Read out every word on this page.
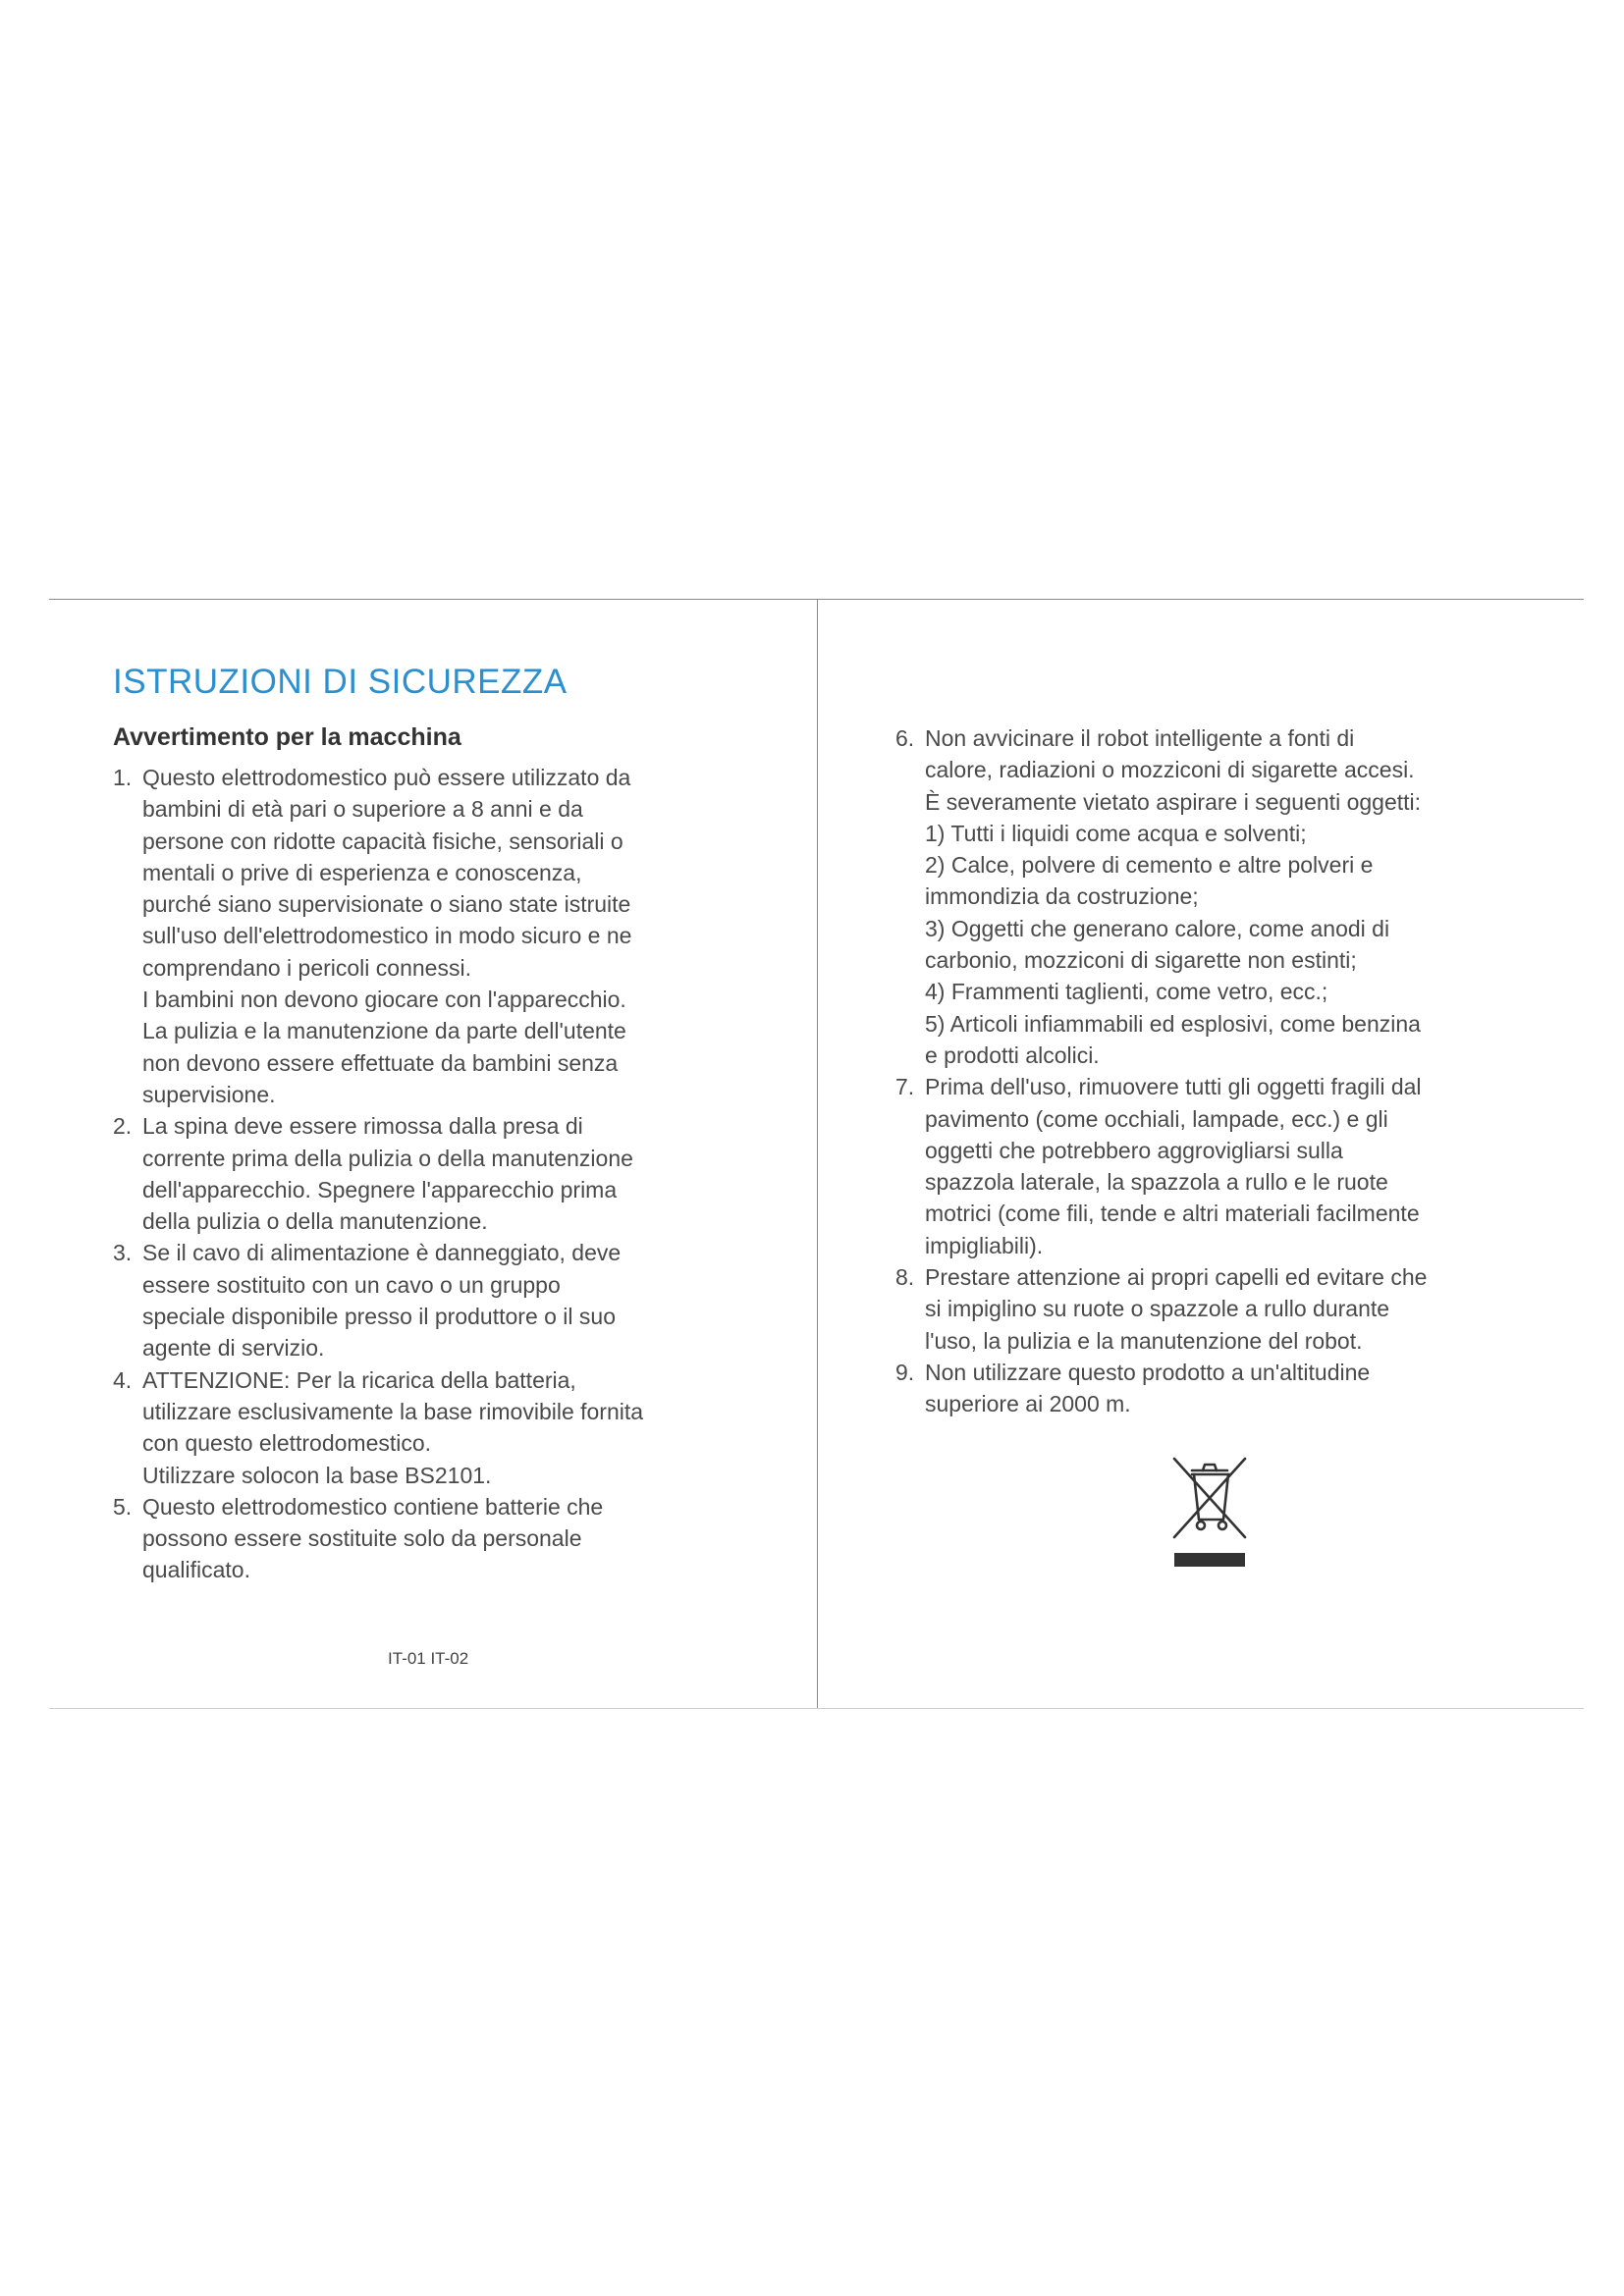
ISTRUZIONI DI SICUREZZA
Avvertimento per la macchina
1. Questo elettrodomestico può essere utilizzato da
bambini di età pari o superiore a 8 anni e da
persone con ridotte capacità fisiche, sensoriali o
mentali o prive di esperienza e conoscenza,
purché siano supervisionate o siano state istruite
sull'uso dell'elettrodomestico in modo sicuro e ne
comprendano i pericoli connessi.
I bambini non devono giocare con l'apparecchio.
La pulizia e la manutenzione da parte dell'utente
non devono essere effettuate da bambini senza
supervisione.
2. La spina deve essere rimossa dalla presa di
corrente prima della pulizia o della manutenzione
dell'apparecchio. Spegnere l'apparecchio prima
della pulizia o della manutenzione.
3. Se il cavo di alimentazione è danneggiato, deve
essere sostituito con un cavo o un gruppo
speciale disponibile presso il produttore o il suo
agente di servizio.
4. ATTENZIONE: Per la ricarica della batteria,
utilizzare esclusivamente la base rimovibile fornita
con questo elettrodomestico.
Utilizzare solocon la base BS2101.
5. Questo elettrodomestico contiene batterie che
possono essere sostituite solo da personale
qualificato.
6. Non avvicinare il robot intelligente a fonti di
calore, radiazioni o mozziconi di sigarette accesi.
È severamente vietato aspirare i seguenti oggetti:
1) Tutti i liquidi come acqua e solventi;
2) Calce, polvere di cemento e altre polveri e
immondizia da costruzione;
3) Oggetti che generano calore, come anodi di
carbonio, mozziconi di sigarette non estinti;
4) Frammenti taglienti, come vetro, ecc.;
5) Articoli infiammabili ed esplosivi, come benzina
e prodotti alcolici.
7. Prima dell'uso, rimuovere tutti gli oggetti fragili dal
pavimento (come occhiali, lampade, ecc.) e gli
oggetti che potrebbero aggrovigliarsi sulla
spazzola laterale, la spazzola a rullo e le ruote
motrici (come fili, tende e altri materiali facilmente
impigliabili).
8. Prestare attenzione ai propri capelli ed evitare che
si impiglino su ruote o spazzole a rullo durante
l'uso, la pulizia e la manutenzione del robot.
9. Non utilizzare questo prodotto a un'altitudine
superiore ai 2000 m.
IT-01 IT-02
